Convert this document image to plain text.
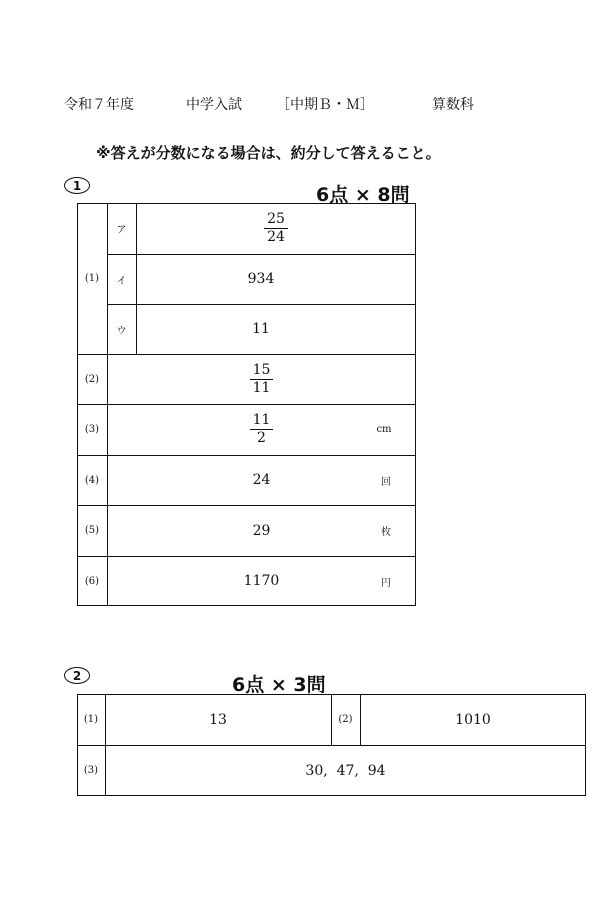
令和７年度	中学入試 ［中期Ｂ・Ｍ］	算数科
※答えが分数になる場合は、約分して答えること。
1	6点 × 8問
(1)
ア	$\frac{25}{24}$
イ	934
ウ	11
(2)	$\frac{15}{11}$
(3)	$\frac{11}{2}$	cm
(4)	24	回
(5)	29	枚
(6)	1170	円
2	6点 × 3問
(1)	13	(2)	1010
(3)	30,  47,  94
